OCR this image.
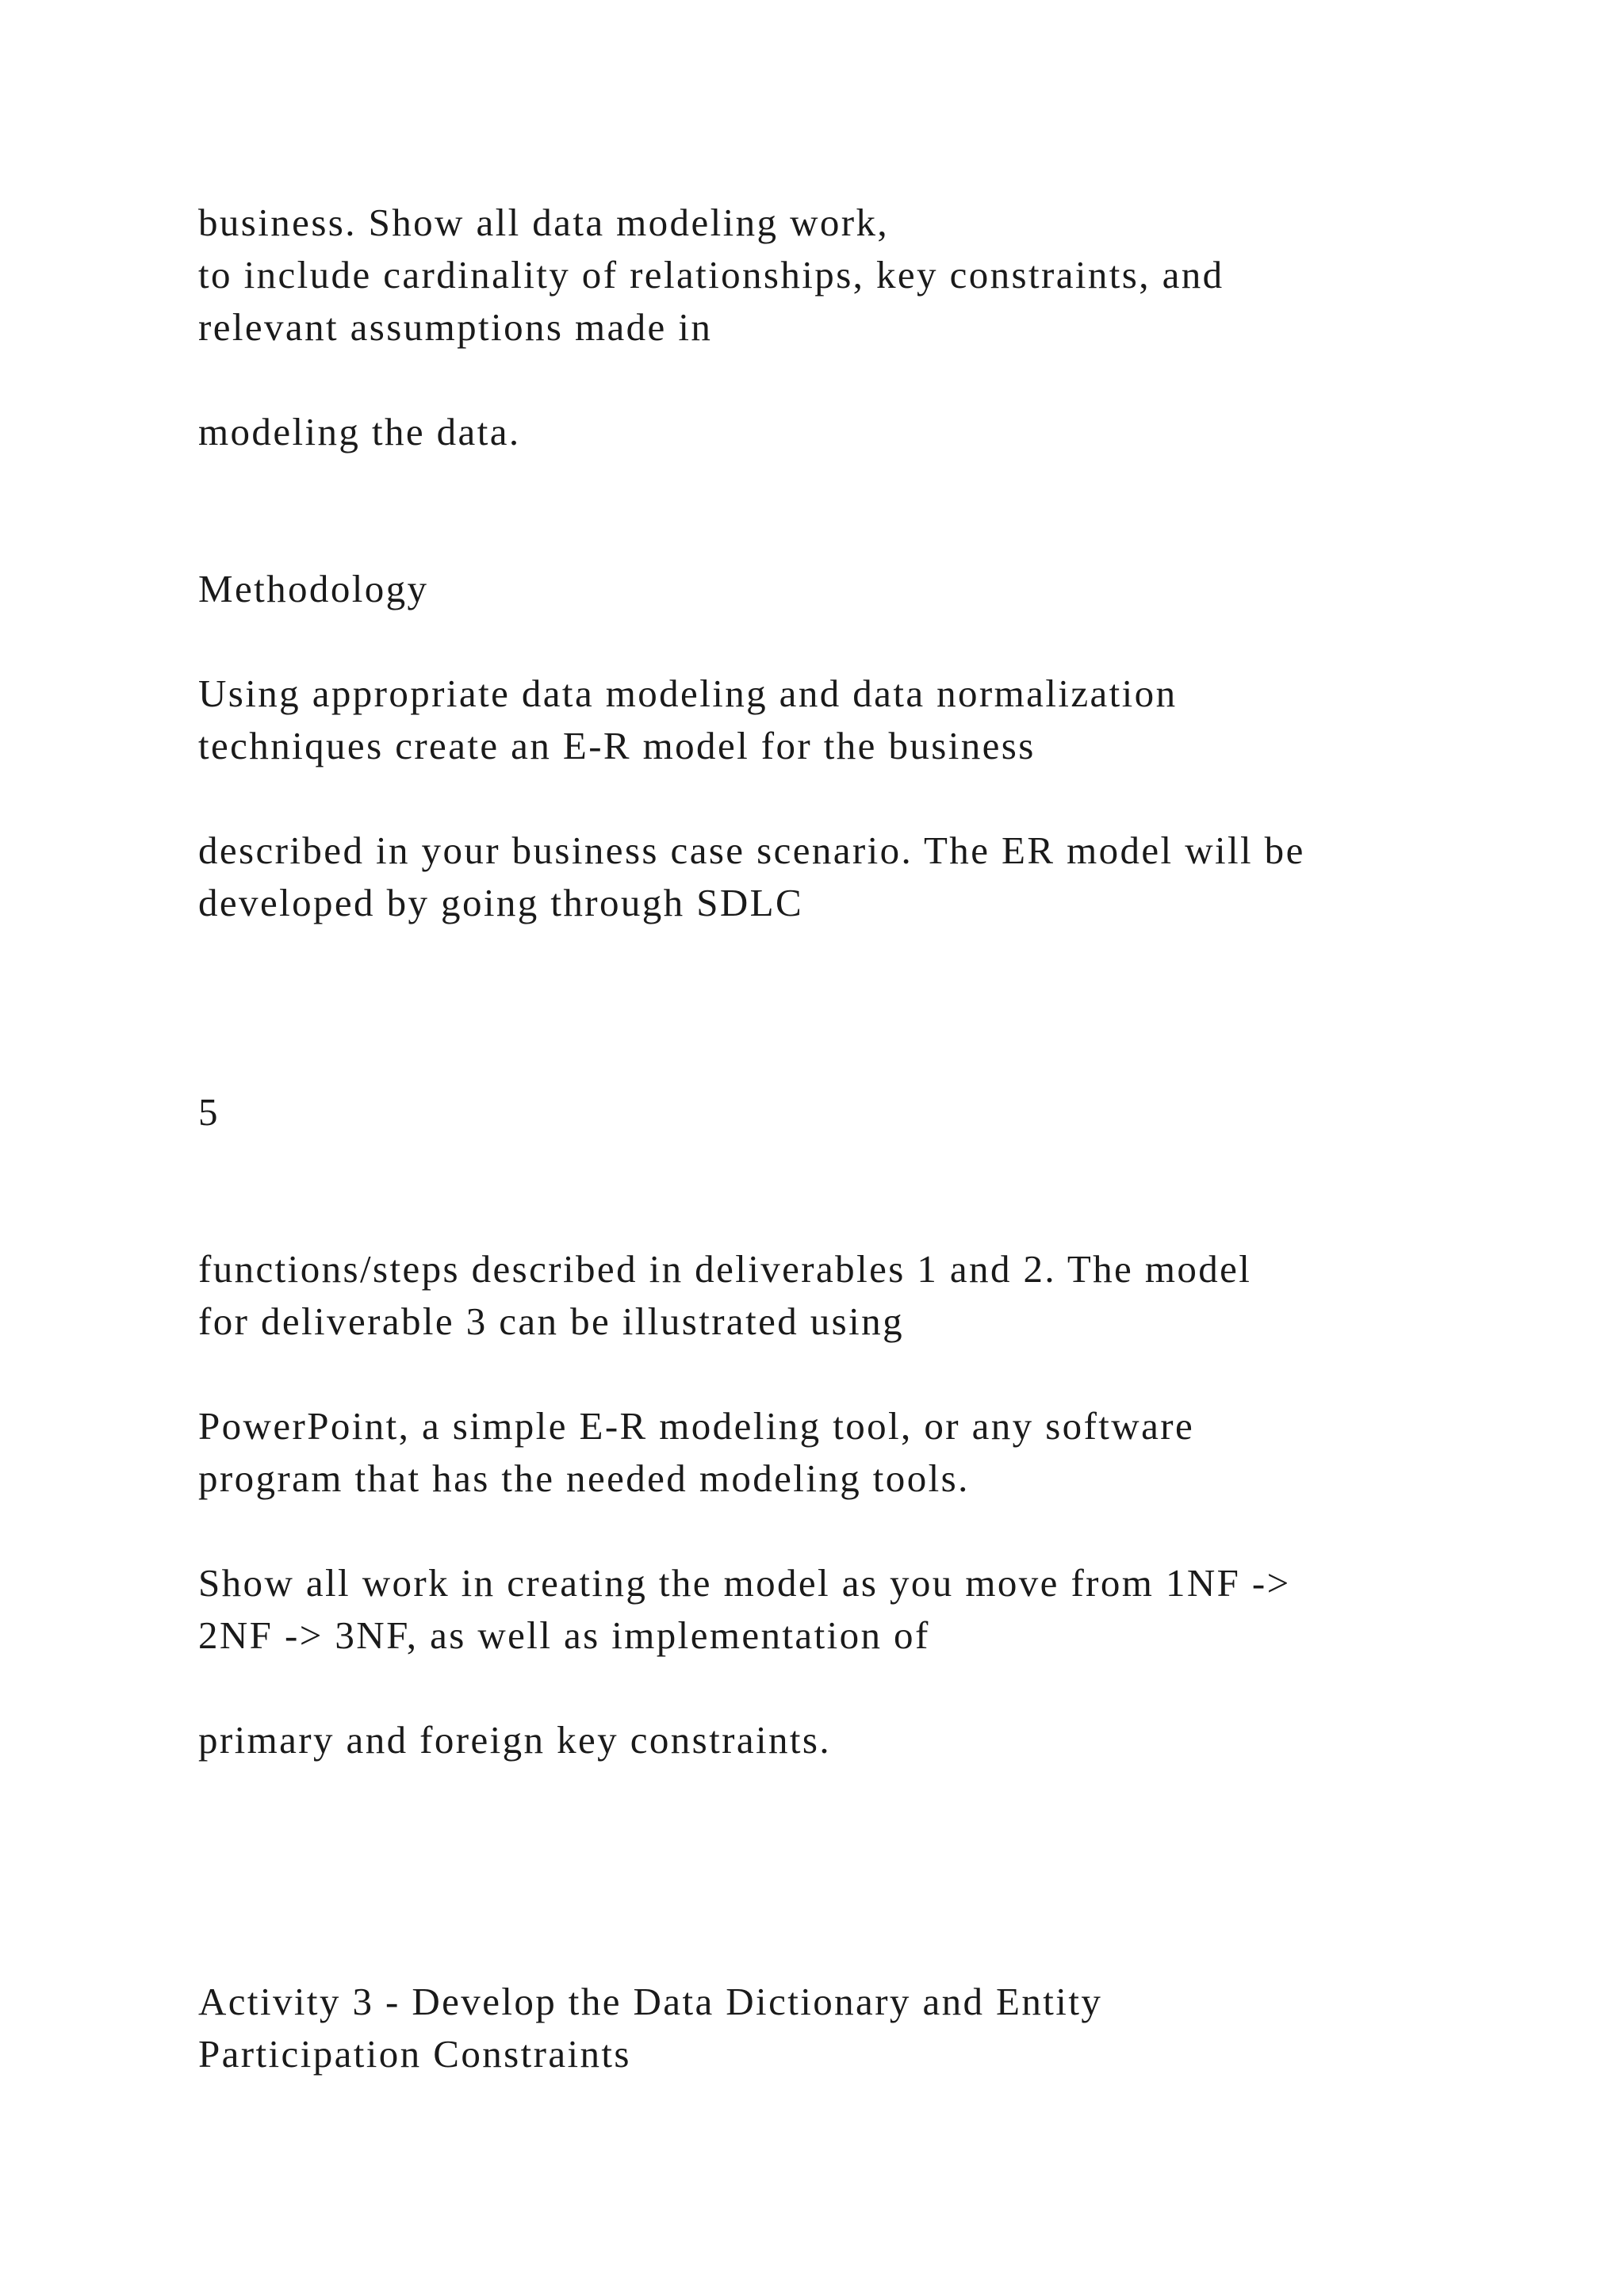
business. Show all data modeling work,

to include cardinality of relationships, key constraints, and

relevant assumptions made in

modeling the data.

Methodology

Using appropriate data modeling and data normalization

techniques create an E-R model for the business

described in your business case scenario. The ER model will be

developed by going through SDLC

5

functions/steps described in deliverables 1 and 2. The model

for deliverable 3 can be illustrated using

PowerPoint, a simple E-R modeling tool, or any software

program that has the needed modeling tools.

Show all work in creating the model as you move from 1NF ->

2NF -> 3NF, as well as implementation of

primary and foreign key constraints.

Activity 3 - Develop the Data Dictionary and Entity

Participation Constraints
